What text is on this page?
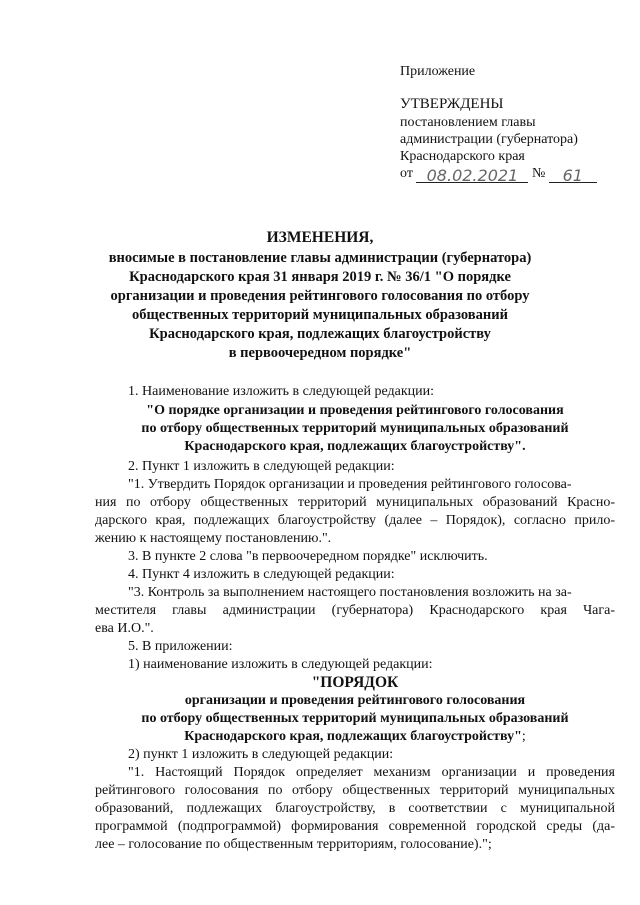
Приложение
УТВЕРЖДЕНЫ
постановлением главы
администрации (губернатора)
Краснодарского края
от 08.02.2021 № 61
ИЗМЕНЕНИЯ,
вносимые в постановление главы администрации (губернатора)
Краснодарского края 31 января 2019 г. № 36/1 "О порядке
организации и проведения рейтингового голосования по отбору
общественных территорий муниципальных образований
Краснодарского края, подлежащих благоустройству
в первоочередном порядке"
1. Наименование изложить в следующей редакции:
"О порядке организации и проведения рейтингового голосования
по отбору общественных территорий муниципальных образований
Краснодарского края, подлежащих благоустройству".
2. Пункт 1 изложить в следующей редакции:
"1. Утвердить Порядок организации и проведения рейтингового голосова-
ния по отбору общественных территорий муниципальных образований Красно-
дарского края, подлежащих благоустройству (далее – Порядок), согласно прило-
жению к настоящему постановлению.".
3. В пункте 2 слова "в первоочередном порядке" исключить.
4. Пункт 4 изложить в следующей редакции:
"3. Контроль за выполнением настоящего постановления возложить на за-
местителя главы администрации (губернатора) Краснодарского края Чага-
ева И.О.".
5. В приложении:
1) наименование изложить в следующей редакции:
"ПОРЯДОК
организации и проведения рейтингового голосования
по отбору общественных территорий муниципальных образований
Краснодарского края, подлежащих благоустройству";
2) пункт 1 изложить в следующей редакции:
"1. Настоящий Порядок определяет механизм организации и проведения
рейтингового голосования по отбору общественных территорий муниципальных
образований, подлежащих благоустройству, в соответствии с муниципальной
программой (подпрограммой) формирования современной городской среды (да-
лее – голосование по общественным территориям, голосование).";
